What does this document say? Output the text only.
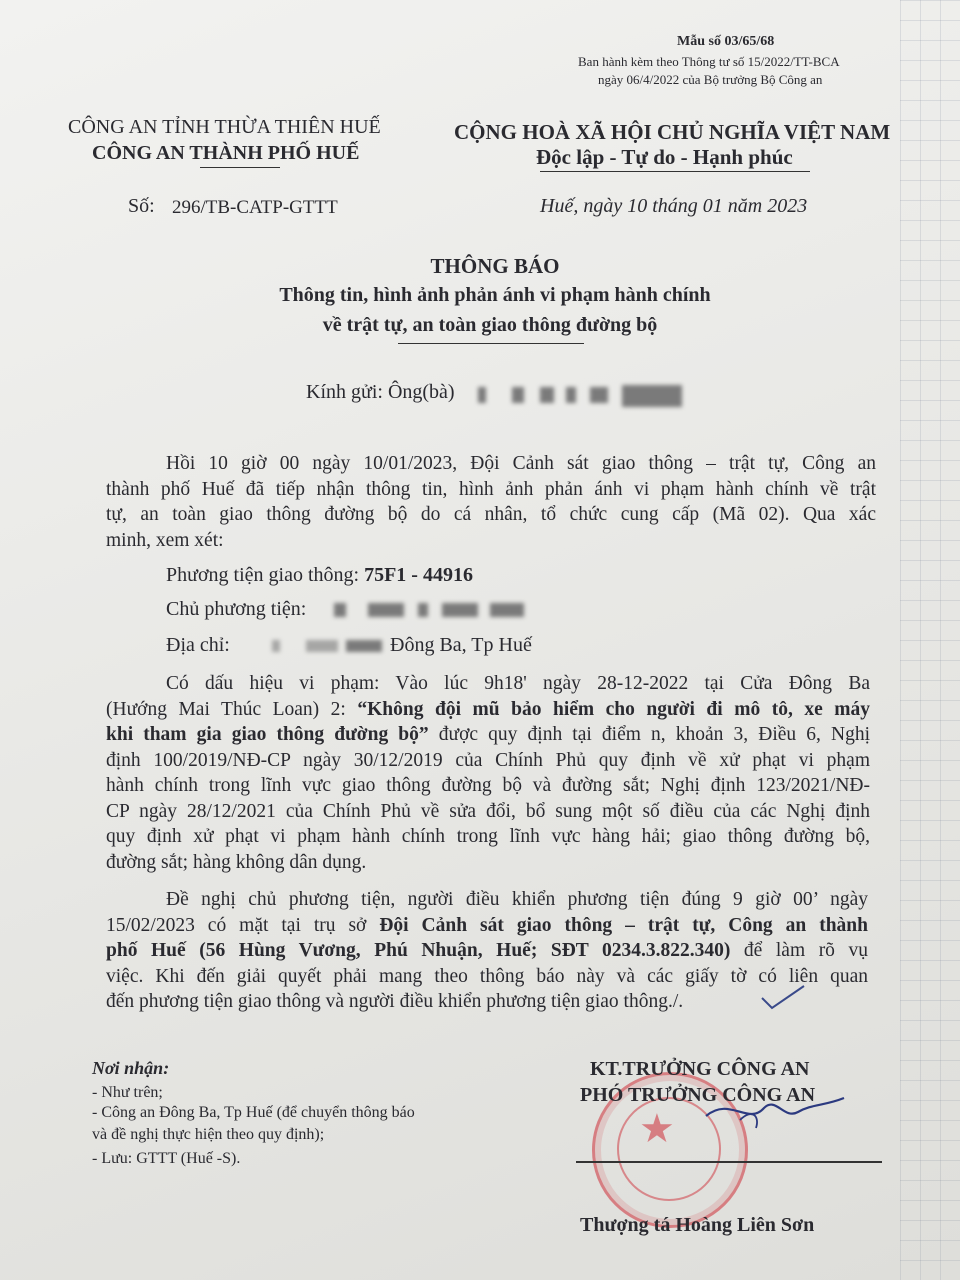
Mẫu số 03/65/68
Ban hành kèm theo Thông tư số 15/2022/TT-BCA
ngày 06/4/2022 của Bộ trưởng Bộ Công an
CÔNG AN TỈNH THỪA THIÊN HUẾ
CÔNG AN THÀNH PHỐ HUẾ
CỘNG HOÀ XÃ HỘI CHỦ NGHĨA VIỆT NAM
Độc lập - Tự do - Hạnh phúc
Số: 296/TB-CATP-GTTT	Huế, ngày 10 tháng 01 năm 2023
THÔNG BÁO
Thông tin, hình ảnh phản ánh vi phạm hành chính
về trật tự, an toàn giao thông đường bộ
Kính gửi: Ông(bà)
Hồi 10 giờ 00 ngày 10/01/2023, Đội Cảnh sát giao thông – trật tự, Công an
thành phố Huế đã tiếp nhận thông tin, hình ảnh phản ánh vi phạm hành chính về trật
tự, an toàn giao thông đường bộ do cá nhân, tổ chức cung cấp (Mã 02). Qua xác
minh, xem xét:
Phương tiện giao thông: 75F1 - 44916
Chủ phương tiện:
Địa chỉ:	Đông Ba, Tp Huế
Có dấu hiệu vi phạm: Vào lúc 9h18' ngày 28-12-2022 tại Cửa Đông Ba
(Hướng Mai Thúc Loan) 2: “Không đội mũ bảo hiểm cho người đi mô tô, xe máy
khi tham gia giao thông đường bộ” được quy định tại điểm n, khoản 3, Điều 6, Nghị
định 100/2019/NĐ-CP ngày 30/12/2019 của Chính Phủ quy định về xử phạt vi phạm
hành chính trong lĩnh vực giao thông đường bộ và đường sắt; Nghị định 123/2021/NĐ-
CP ngày 28/12/2021 của Chính Phủ về sửa đổi, bổ sung một số điều của các Nghị định
quy định xử phạt vi phạm hành chính trong lĩnh vực hàng hải; giao thông đường bộ,
đường sắt; hàng không dân dụng.
Đề nghị chủ phương tiện, người điều khiển phương tiện đúng 9 giờ 00’ ngày
15/02/2023 có mặt tại trụ sở Đội Cảnh sát giao thông – trật tự, Công an thành
phố Huế (56 Hùng Vương, Phú Nhuận, Huế; SĐT 0234.3.822.340) để làm rõ vụ
việc. Khi đến giải quyết phải mang theo thông báo này và các giấy tờ có liên quan
đến phương tiện giao thông và người điều khiển phương tiện giao thông./.
Nơi nhận:
- Như trên;
- Công an Đông Ba, Tp Huế (để chuyển thông báo
và đề nghị thực hiện theo quy định);
- Lưu: GTTT (Huế -S).
★
KT.TRƯỞNG CÔNG AN
PHÓ TRƯỞNG CÔNG AN
Thượng tá Hoàng Liên Sơn
